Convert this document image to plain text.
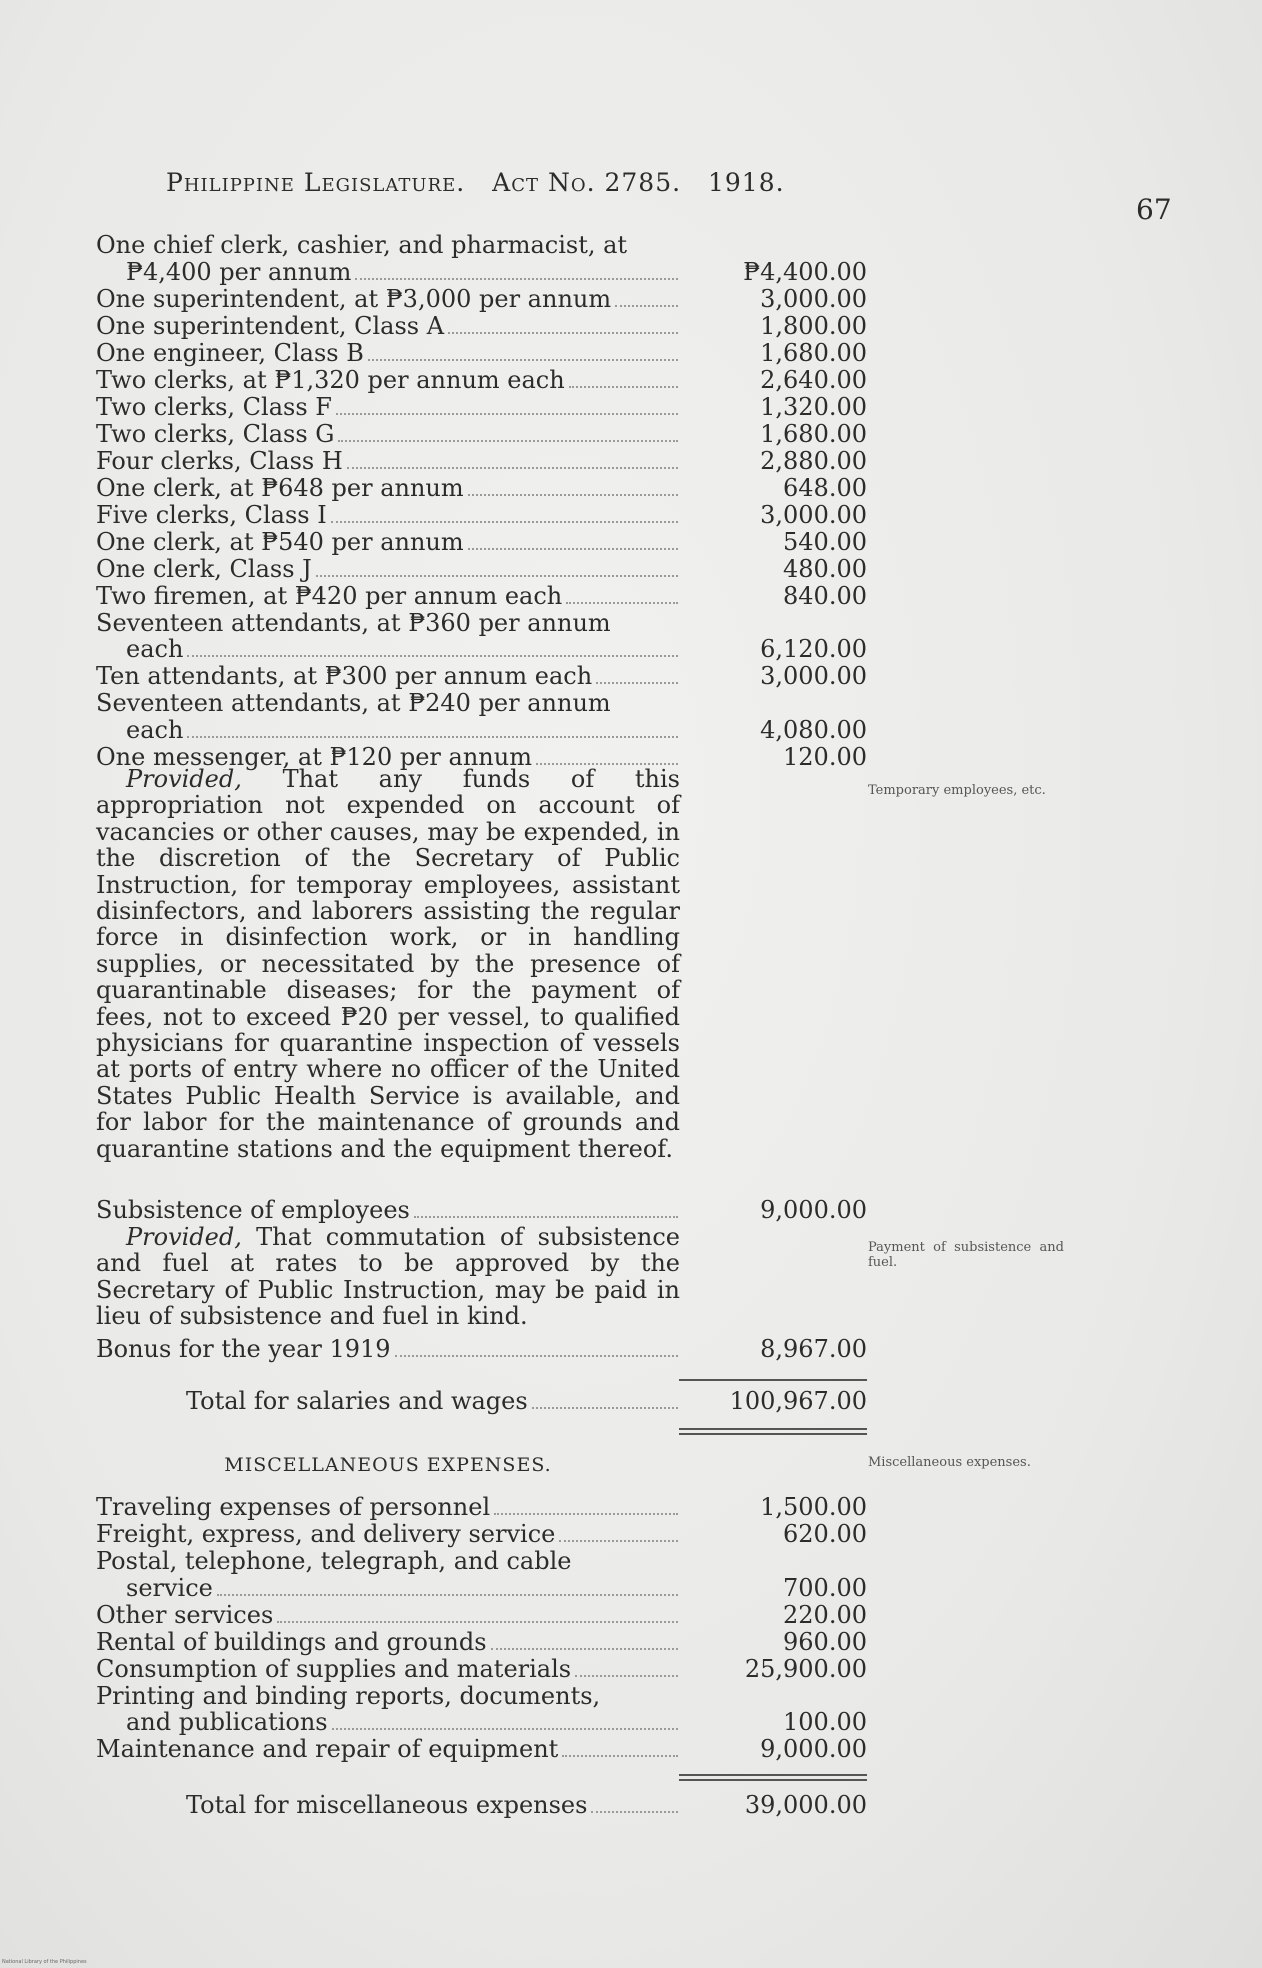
Philippine Legislature. Act No. 2785. 1918.
67
One chief clerk, cashier, and pharmacist, at
₱4,400 per annum	₱4,400.00
One superintendent, at ₱3,000 per annum	3,000.00
One superintendent, Class A	1,800.00
One engineer, Class B	1,680.00
Two clerks, at ₱1,320 per annum each	2,640.00
Two clerks, Class F	1,320.00
Two clerks, Class G	1,680.00
Four clerks, Class H	2,880.00
One clerk, at ₱648 per annum	648.00
Five clerks, Class I	3,000.00
One clerk, at ₱540 per annum	540.00
One clerk, Class J	480.00
Two firemen, at ₱420 per annum each	840.00
Seventeen attendants, at ₱360 per annum
each	6,120.00
Ten attendants, at ₱300 per annum each	3,000.00
Seventeen attendants, at ₱240 per annum
each	4,080.00
One messenger, at ₱120 per annum	120.00
Provided, That any funds of this appropriation not expended on account of vacancies or other causes, may be expended, in the discretion of the Secretary of Public Instruction, for temporay employees, assistant disinfectors, and laborers assisting the regular force in disinfection work, or in handling supplies, or necessitated by the presence of quarantinable diseases; for the payment of fees, not to exceed ₱20 per vessel, to qualified physicians for quarantine inspection of vessels at ports of entry where no officer of the United States Public Health Service is available, and for labor for the maintenance of grounds and quarantine stations and the equipment thereof.
Subsistence of employees	9,000.00
Provided, That commutation of subsistence and fuel at rates to be approved by the Secretary of Public Instruction, may be paid in lieu of subsistence and fuel in kind.
Bonus for the year 1919	8,967.00
Total for salaries and wages	100,967.00
MISCELLANEOUS EXPENSES.
Traveling expenses of personnel	1,500.00
Freight, express, and delivery service	620.00
Postal, telephone, telegraph, and cable
service	700.00
Other services	220.00
Rental of buildings and grounds	960.00
Consumption of supplies and materials	25,900.00
Printing and binding reports, documents,
and publications	100.00
Maintenance and repair of equipment	9,000.00
Total for miscellaneous expenses	39,000.00
Temporary employees, etc.
Payment of subsistence and fuel.
Miscellaneous expenses.
National Library of the Philippines
